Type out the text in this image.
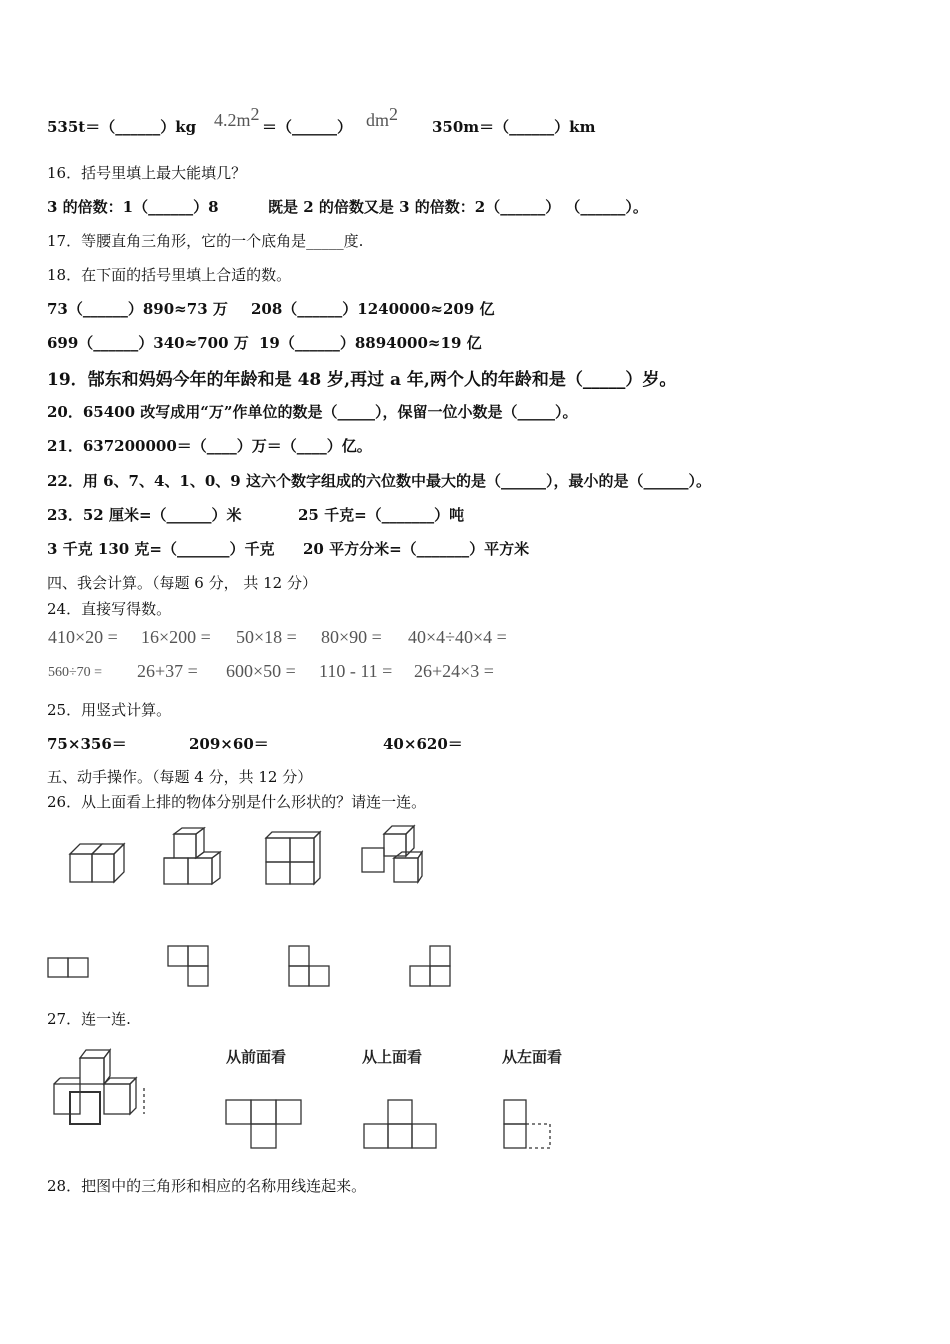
535t＝（______）kg $4.2m^2$
＝（______） $dm^2$
350m＝（______）km
16．括号里填上最大能填几？
3 的倍数：1（______）8	既是 2 的倍数又是 3 的倍数：2（______） （______）。
17．等腰直角三角形，它的一个底角是_____度.
18．在下面的括号里填上合适的数。
73（______）890≈73 万 208（______）1240000≈209 亿
699（______）340≈700 万 19（______）8894000≈19 亿
19．郜东和妈妈今年的年龄和是 48 岁,再过 a 年,两个人的年龄和是（_____）岁。
20．65400 改写成用“万”作单位的数是（_____），保留一位小数是（_____）。
21．637200000＝（____）万＝（____）亿。
22．用 6、7、4、1、0、9 这六个数字组成的六位数中最大的是（______），最小的是（______）。
23．52 厘米=（______）米	25 千克=（_______）吨
3 千克 130 克=（_______）千克 20 平方分米=（_______）平方米
四、我会计算。（每题 6 分， 共 12 分）
24．直接写得数。
410×20 = 16×200 = 50×18 = 80×90 = 40×4÷40×4 =
560÷70 = 26+37 = 600×50 = 110 - 11 = 26+24×3 =
25．用竖式计算。
75×356＝	209×60＝	40×620＝
五、动手操作。（每题 4 分，共 12 分）
26．从上面看上排的物体分别是什么形状的？请连一连。
27．连一连.
从前面看	从上面看	从左面看
28．把图中的三角形和相应的名称用线连起来。
